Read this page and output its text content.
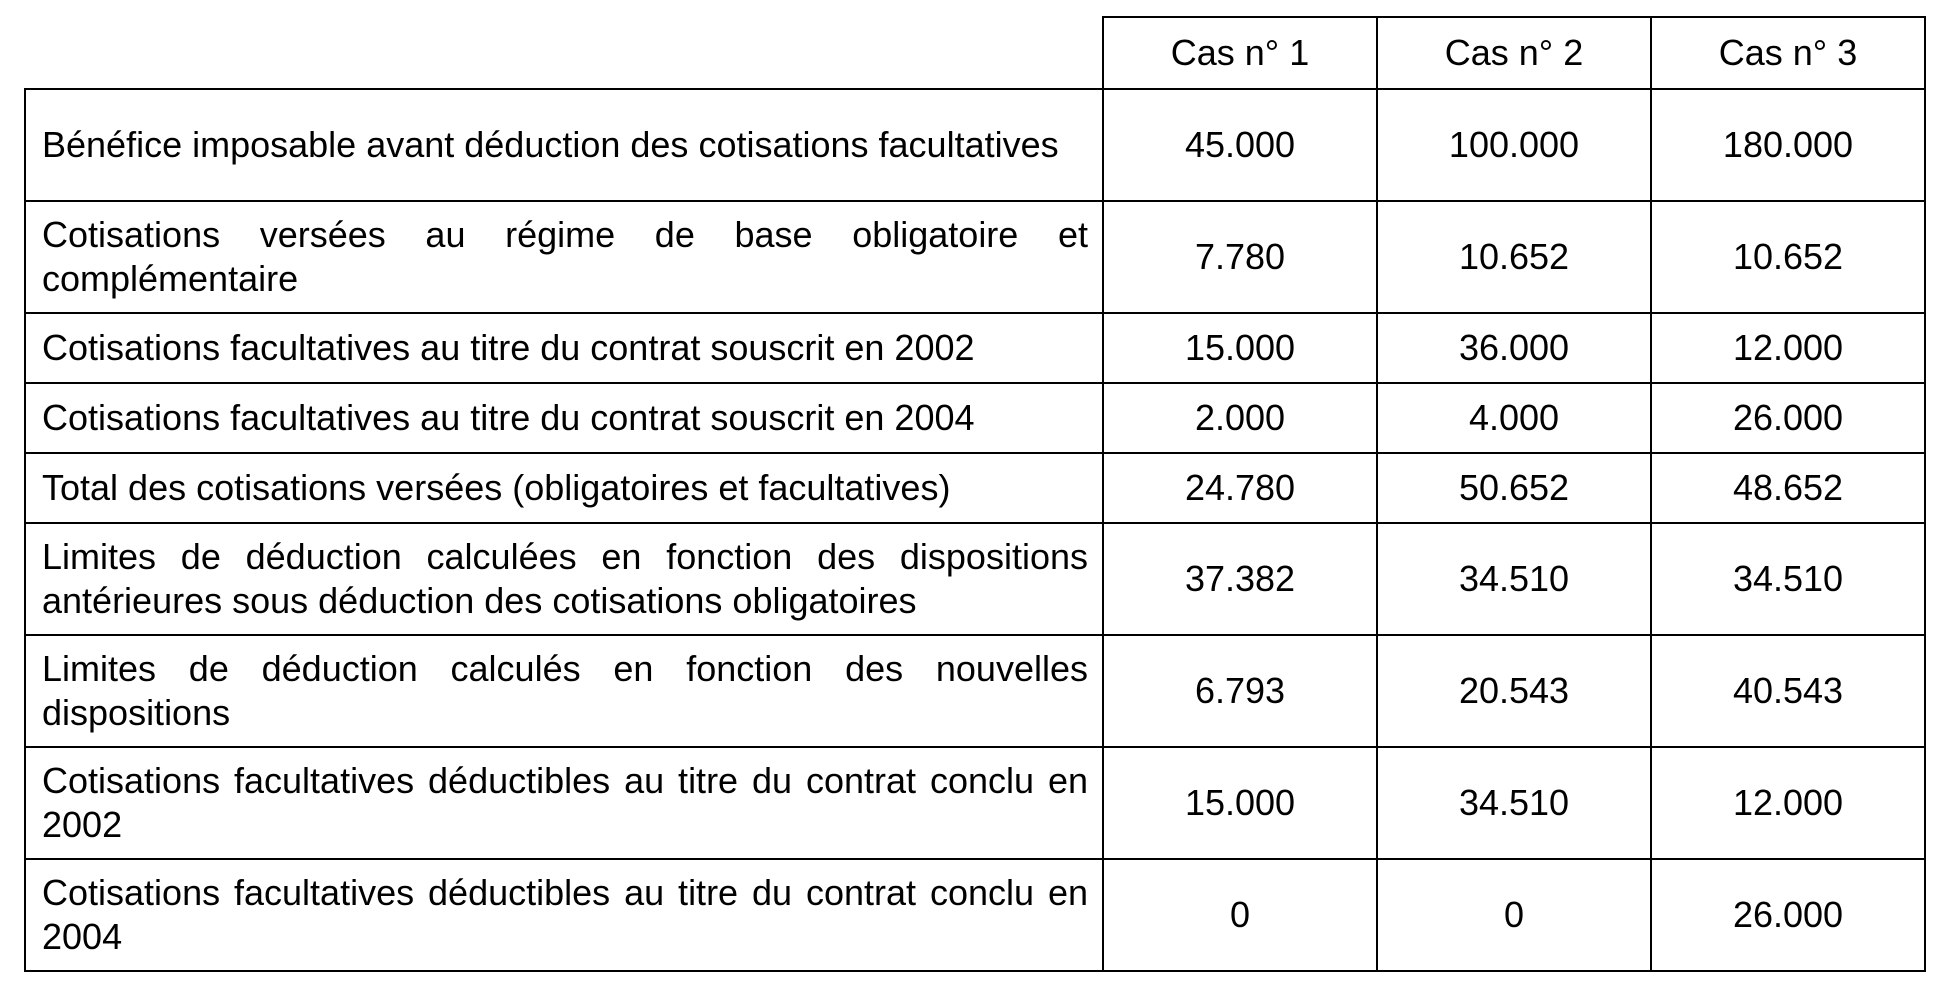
	Cas n° 1	Cas n° 2	Cas n° 3
Bénéfice imposable avant déduction des cotisations facultatives	45.000	100.000	180.000
Cotisations versées au régime de base obligatoire et complémentaire	7.780	10.652	10.652
Cotisations facultatives au titre du contrat souscrit en 2002	15.000	36.000	12.000
Cotisations facultatives au titre du contrat souscrit en 2004	2.000	4.000	26.000
Total des cotisations versées (obligatoires et facultatives)	24.780	50.652	48.652
Limites de déduction calculées en fonction des dispositions antérieures sous déduction des cotisations obligatoires	37.382	34.510	34.510
Limites de déduction calculés en fonction des nouvelles dispositions	6.793	20.543	40.543
Cotisations facultatives déductibles au titre du contrat conclu en 2002	15.000	34.510	12.000
Cotisations facultatives déductibles au titre du contrat conclu en 2004	0	0	26.000
